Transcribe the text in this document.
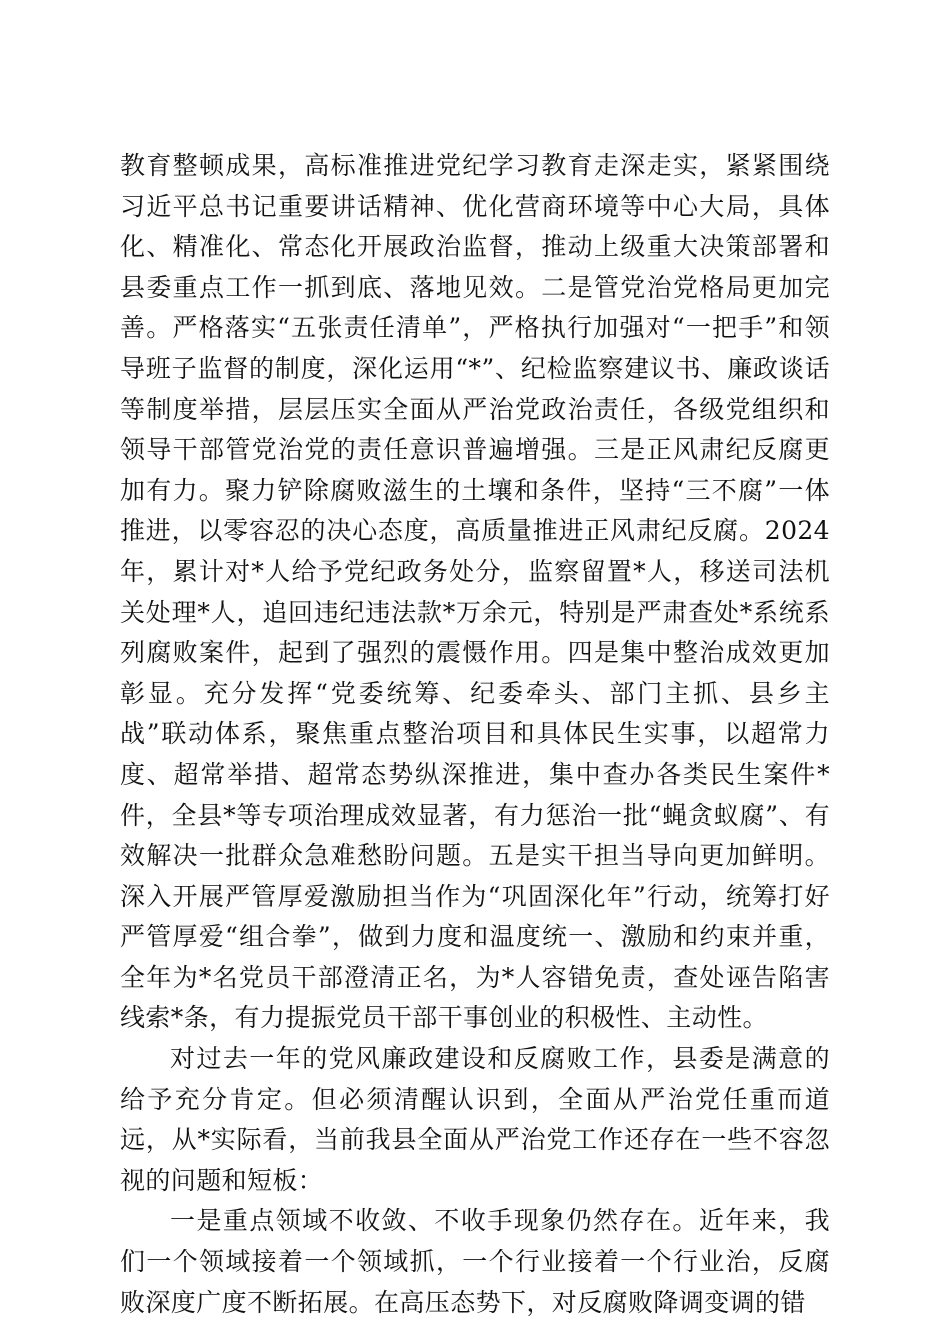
教育整顿成果，高标准推进党纪学习教育走深走实，紧紧围绕习近平总书记重要讲话精神、优化营商环境等中心大局，具体化、精准化、常态化开展政治监督，推动上级重大决策部署和县委重点工作一抓到底、落地见效。二是管党治党格局更加完善。严格落实“五张责任清单”，严格执行加强对“一把手”和领导班子监督的制度，深化运用“*”、纪检监察建议书、廉政谈话等制度举措，层层压实全面从严治党政治责任，各级党组织和领导干部管党治党的责任意识普遍增强。三是正风肃纪反腐更加有力。聚力铲除腐败滋生的土壤和条件，坚持“三不腐”一体推进，以零容忍的决心态度，高质量推进正风肃纪反腐。2024年，累计对*人给予党纪政务处分，监察留置*人，移送司法机关处理*人，追回违纪违法款*万余元，特别是严肃查处*系统系列腐败案件，起到了强烈的震慑作用。四是集中整治成效更加彰显。充分发挥“党委统筹、纪委牵头、部门主抓、县乡主战”联动体系，聚焦重点整治项目和具体民生实事，以超常力度、超常举措、超常态势纵深推进，集中查办各类民生案件*件，全县*等专项治理成效显著，有力惩治一批“蝇贪蚁腐”、有效解决一批群众急难愁盼问题。五是实干担当导向更加鲜明。深入开展严管厚爱激励担当作为“巩固深化年”行动，统筹打好严管厚爱“组合拳”，做到力度和温度统一、激励和约束并重，全年为*名党员干部澄清正名，为*人容错免责，查处诬告陷害线索*条，有力提振党员干部干事创业的积极性、主动性。

对过去一年的党风廉政建设和反腐败工作，县委是满意的给予充分肯定。但必须清醒认识到，全面从严治党任重而道远，从*实际看，当前我县全面从严治党工作还存在一些不容忽视的问题和短板：

一是重点领域不收敛、不收手现象仍然存在。近年来，我们一个领域接着一个领域抓，一个行业接着一个行业治，反腐败深度广度不断拓展。在高压态势下，对反腐败降调变调的错
